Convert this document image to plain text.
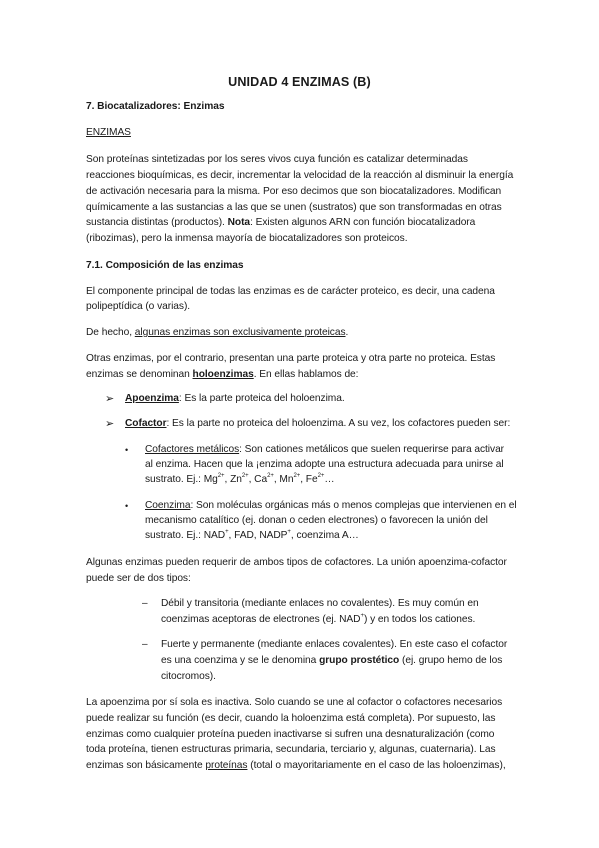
UNIDAD 4 ENZIMAS (B)
7. Biocatalizadores: Enzimas
ENZIMAS
Son proteínas sintetizadas por los seres vivos cuya función es catalizar determinadas
reacciones bioquímicas, es decir, incrementar la velocidad de la reacción al disminuir la energía
de activación necesaria para la misma. Por eso decimos que son biocatalizadores. Modifican
químicamente a las sustancias a las que se unen (sustratos) que son transformadas en otras
sustancia distintas (productos). Nota: Existen algunos ARN con función biocatalizadora
(ribozimas), pero la inmensa mayoría de biocatalizadores son proteicos.
7.1. Composición de las enzimas
El componente principal de todas las enzimas es de carácter proteico, es decir, una cadena
polipeptídica (o varias).
De hecho, algunas enzimas son exclusivamente proteicas.
Otras enzimas, por el contrario, presentan una parte proteica y otra parte no proteica. Estas
enzimas se denominan holoenzimas. En ellas hablamos de:
➢ Apoenzima: Es la parte proteica del holoenzima.
➢ Cofactor: Es la parte no proteica del holoenzima. A su vez, los cofactores pueden ser:
• Cofactores metálicos: Son cationes metálicos que suelen requerirse para activar
al enzima. Hacen que la ¡enzima adopte una estructura adecuada para unirse al
sustrato. Ej.: $Mg^{2+}$, $Zn^{2+}$, $Ca^{2+}$, $Mn^{2+}$, $Fe^{2+}\dots$
• Coenzima: Son moléculas orgánicas más o menos complejas que intervienen en el
mecanismo catalítico (ej. donan o ceden electrones) o favorecen la unión del
sustrato. Ej.: NAD+, FAD, NADP+, coenzima A…
Algunas enzimas pueden requerir de ambos tipos de cofactores. La unión apoenzima-cofactor
puede ser de dos tipos:
– Débil y transitoria (mediante enlaces no covalentes). Es muy común en
coenzimas aceptoras de electrones (ej. NAD+) y en todos los cationes.
– Fuerte y permanente (mediante enlaces covalentes). En este caso el cofactor
es una coenzima y se le denomina grupo prostético (ej. grupo hemo de los
citocromos).
La apoenzima por sí sola es inactiva. Solo cuando se une al cofactor o cofactores necesarios
puede realizar su función (es decir, cuando la holoenzima está completa). Por supuesto, las
enzimas como cualquier proteína pueden inactivarse si sufren una desnaturalización (como
toda proteína, tienen estructuras primaria, secundaria, terciario y, algunas, cuaternaria). Las
enzimas son básicamente proteínas (total o mayoritariamente en el caso de las holoenzimas),
